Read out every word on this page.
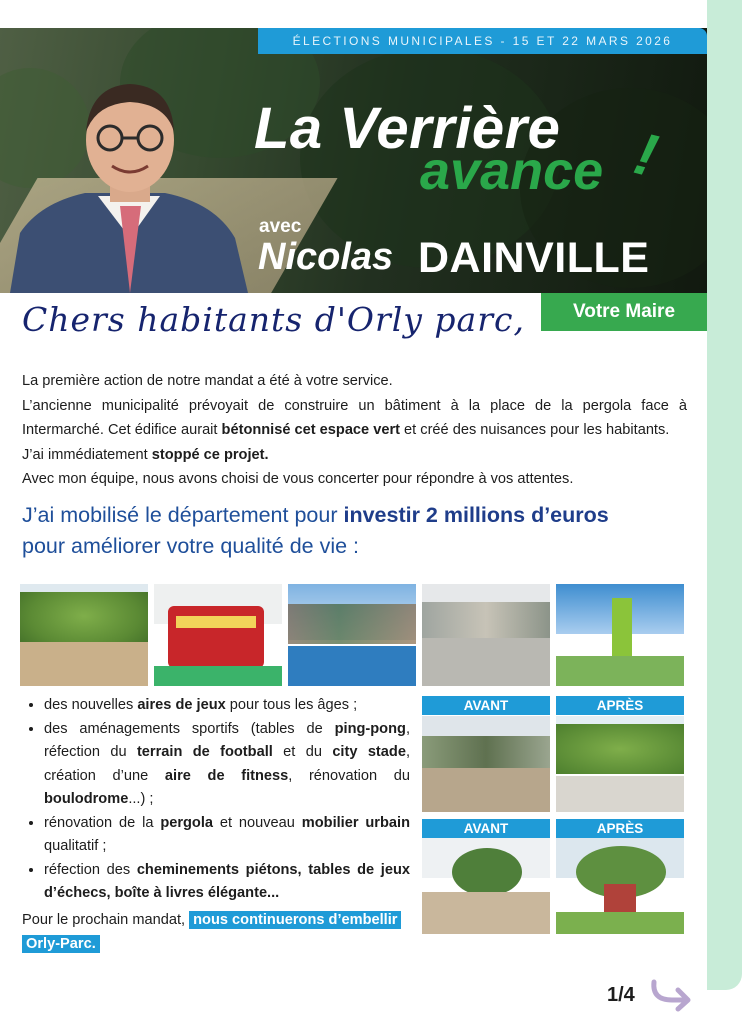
ÉLECTIONS MUNICIPALES - 15 ET 22 MARS 2026
La Verrière
avance !
avec
Nicolas DAINVILLE
Votre Maire
Chers habitants d'Orly parc,

La première action de notre mandat a été à votre service.

L’ancienne municipalité prévoyait de construire un bâtiment à la place de la pergola face à Intermarché. Cet édifice aurait bétonnisé cet espace vert et créé des nuisances pour les habitants.

J’ai immédiatement stoppé ce projet.

Avec mon équipe, nous avons choisi de vous concerter pour répondre à vos attentes.

J’ai mobilisé le département pour investir 2 millions d’euros
pour améliorer votre qualité de vie :
• des nouvelles aires de jeux pour tous les âges ;
• des aménagements sportifs (tables de ping-pong, réfection du terrain de football et du city stade, création d’une aire de fitness, rénovation du boulodrome...) ;
• rénovation de la pergola et nouveau mobilier urbain qualitatif ;
• réfection des cheminements piétons, tables de jeux d’échecs, boîte à livres élégante...
Pour le prochain mandat, nous continuerons d’embellir
Orly-Parc.
AVANT	APRÈS
AVANT	APRÈS
1/4
